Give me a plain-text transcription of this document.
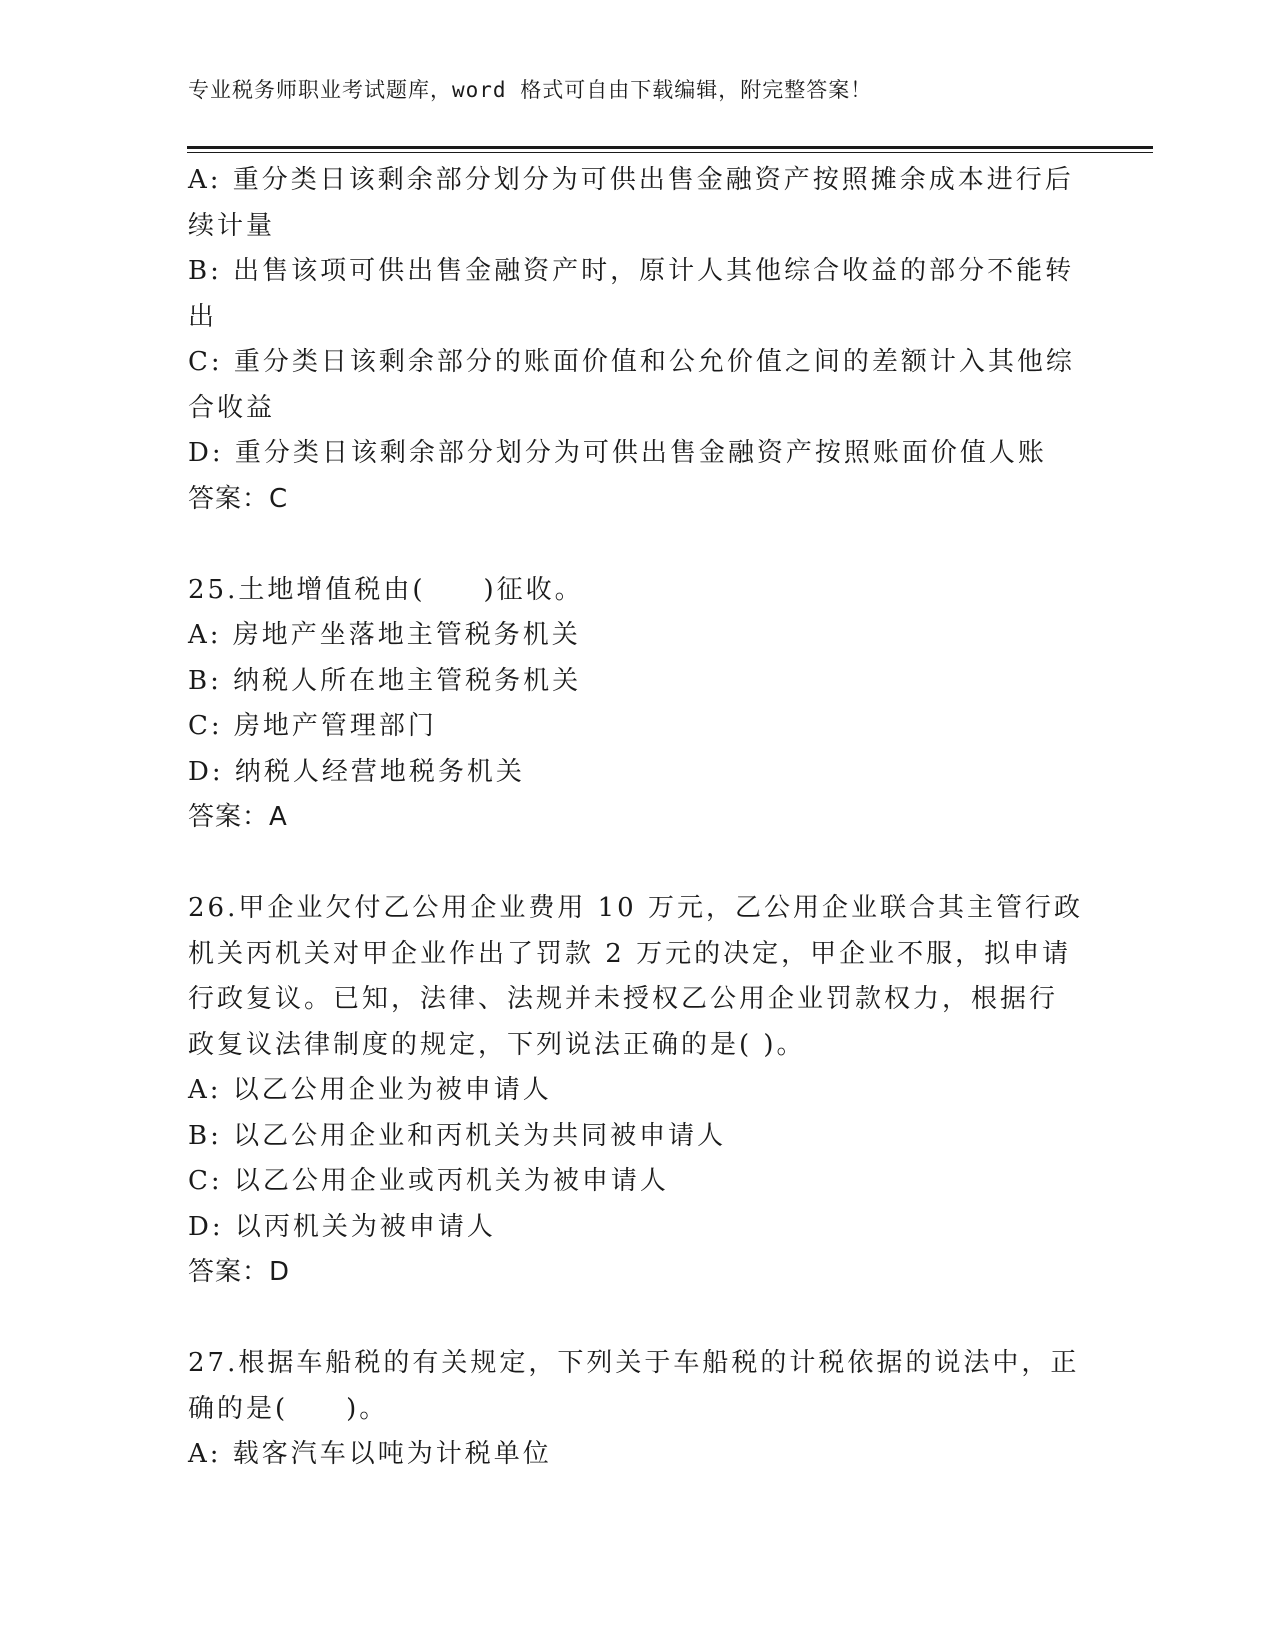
专业税务师职业考试题库，word 格式可自由下载编辑，附完整答案！
A: 重分类日该剩余部分划分为可供出售金融资产按照摊余成本进行后
续计量
B: 出售该项可供出售金融资产时，原计人其他综合收益的部分不能转
出
C: 重分类日该剩余部分的账面价值和公允价值之间的差额计入其他综
合收益
D: 重分类日该剩余部分划分为可供出售金融资产按照账面价值人账
答案：C
25.土地增值税由(　　)征收。
A: 房地产坐落地主管税务机关
B: 纳税人所在地主管税务机关
C: 房地产管理部门
D: 纳税人经营地税务机关
答案：A
26.甲企业欠付乙公用企业费用 10 万元，乙公用企业联合其主管行政
机关丙机关对甲企业作出了罚款 2 万元的决定，甲企业不服，拟申请
行政复议。已知，法律、法规并未授权乙公用企业罚款权力，根据行
政复议法律制度的规定，下列说法正确的是( )。
A: 以乙公用企业为被申请人
B: 以乙公用企业和丙机关为共同被申请人
C: 以乙公用企业或丙机关为被申请人
D: 以丙机关为被申请人
答案：D
27.根据车船税的有关规定，下列关于车船税的计税依据的说法中，正
确的是(　　)。
A: 载客汽车以吨为计税单位
